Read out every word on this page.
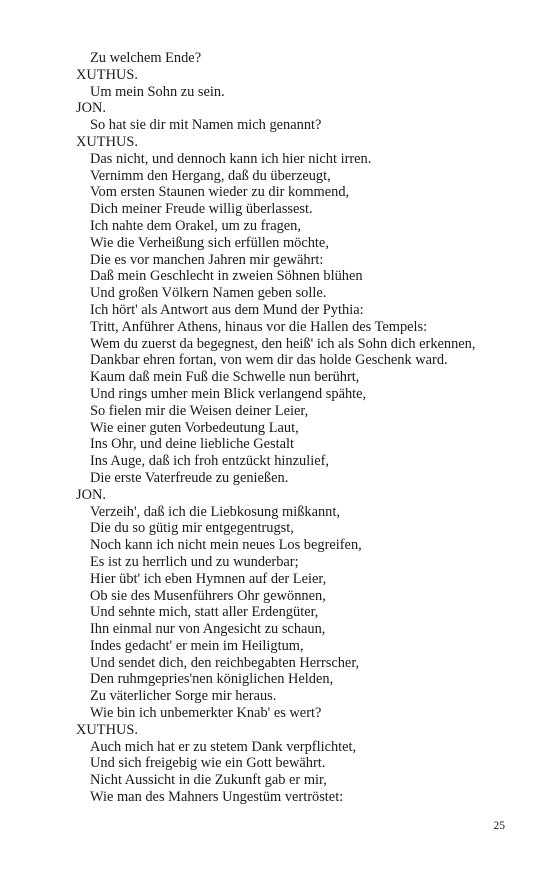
Zu welchem Ende?
XUTHUS.
Um mein Sohn zu sein.
JON.
So hat sie dir mit Namen mich genannt?
XUTHUS.
Das nicht, und dennoch kann ich hier nicht irren.
Vernimm den Hergang, daß du überzeugt,
Vom ersten Staunen wieder zu dir kommend,
Dich meiner Freude willig überlassest.
Ich nahte dem Orakel, um zu fragen,
Wie die Verheißung sich erfüllen möchte,
Die es vor manchen Jahren mir gewährt:
Daß mein Geschlecht in zweien Söhnen blühen
Und großen Völkern Namen geben solle.
Ich hört' als Antwort aus dem Mund der Pythia:
Tritt, Anführer Athens, hinaus vor die Hallen des Tempels:
Wem du zuerst da begegnest, den heiß' ich als Sohn dich erkennen,
Dankbar ehren fortan, von wem dir das holde Geschenk ward.
Kaum daß mein Fuß die Schwelle nun berührt,
Und rings umher mein Blick verlangend spähte,
So fielen mir die Weisen deiner Leier,
Wie einer guten Vorbedeutung Laut,
Ins Ohr, und deine liebliche Gestalt
Ins Auge, daß ich froh entzückt hinzulief,
Die erste Vaterfreude zu genießen.
JON.
Verzeih', daß ich die Liebkosung mißkannt,
Die du so gütig mir entgegentrugst,
Noch kann ich nicht mein neues Los begreifen,
Es ist zu herrlich und zu wunderbar;
Hier übt' ich eben Hymnen auf der Leier,
Ob sie des Musenführers Ohr gewönnen,
Und sehnte mich, statt aller Erdengüter,
Ihn einmal nur von Angesicht zu schaun,
Indes gedacht' er mein im Heiligtum,
Und sendet dich, den reichbegabten Herrscher,
Den ruhmgepries'nen königlichen Helden,
Zu väterlicher Sorge mir heraus.
Wie bin ich unbemerkter Knab' es wert?
XUTHUS.
Auch mich hat er zu stetem Dank verpflichtet,
Und sich freigebig wie ein Gott bewährt.
Nicht Aussicht in die Zukunft gab er mir,
Wie man des Mahners Ungestüm vertröstet:
25
